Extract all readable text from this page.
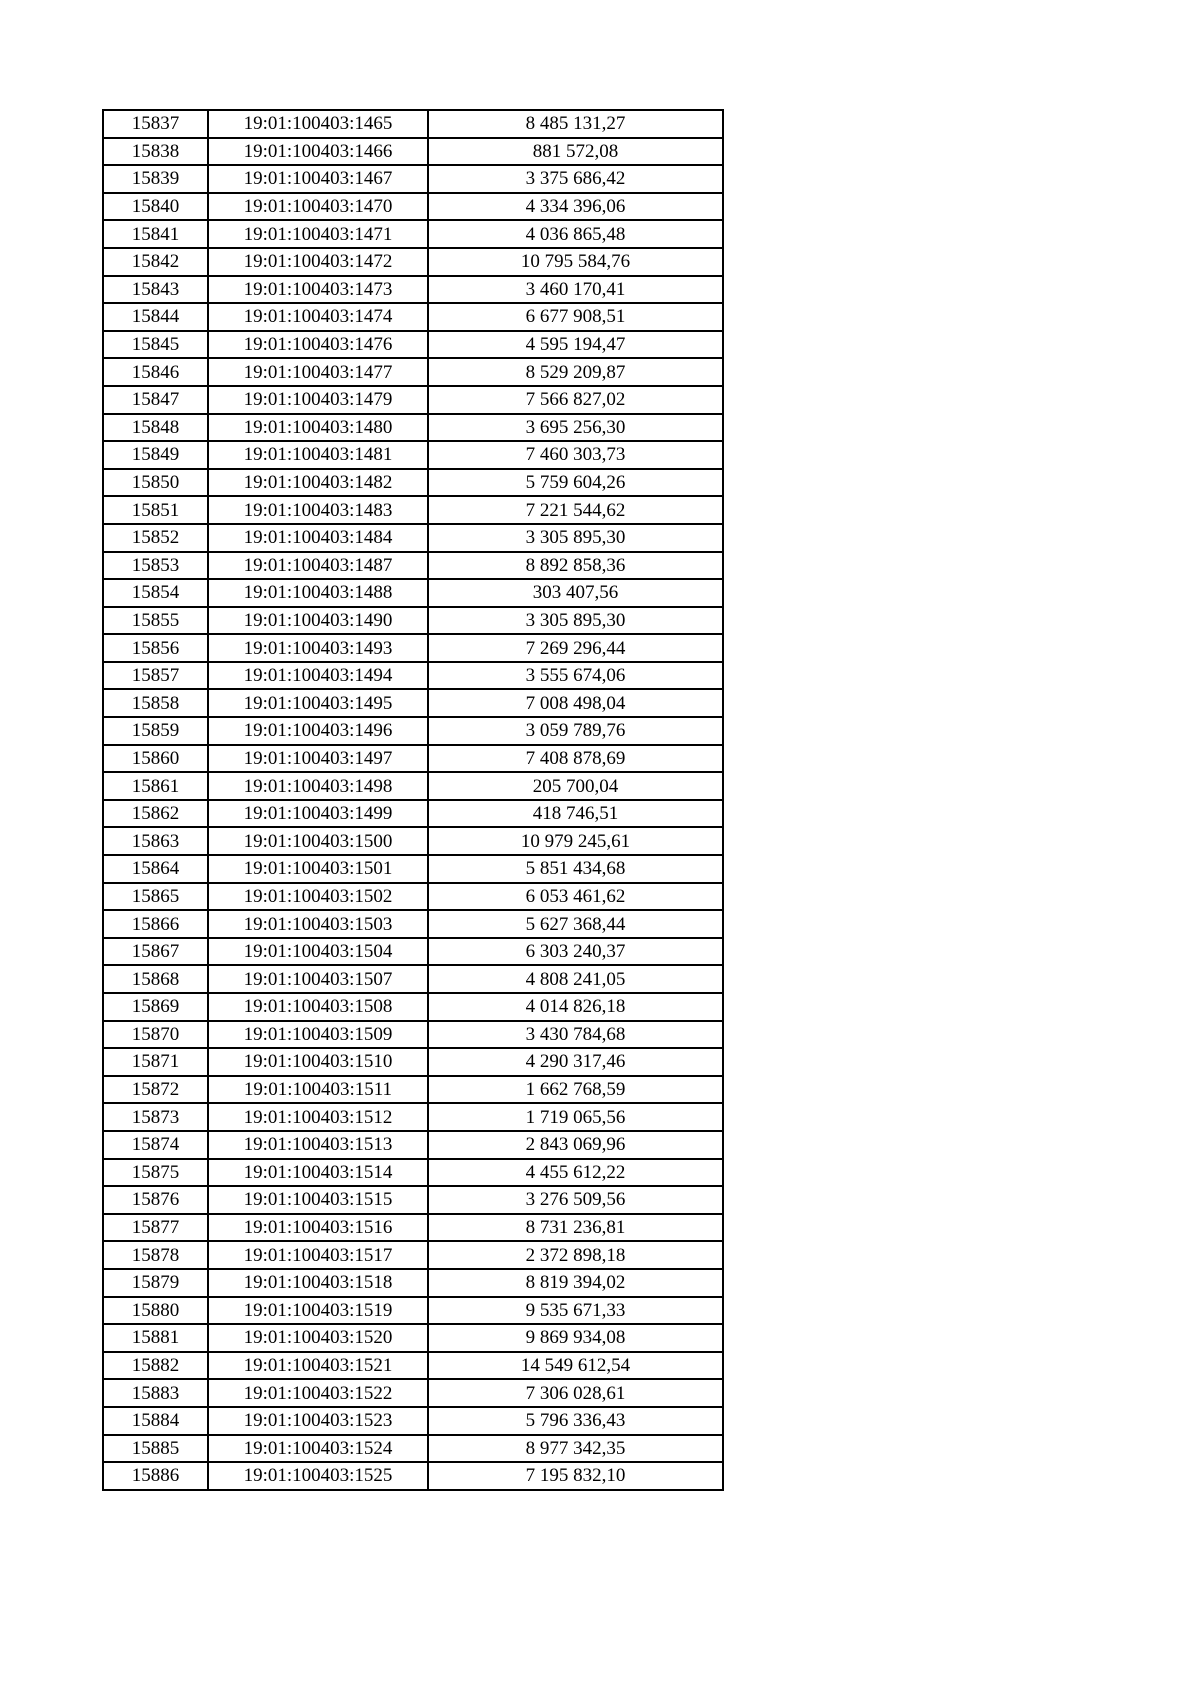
15837	19:01:100403:1465	8 485 131,27
15838	19:01:100403:1466	881 572,08
15839	19:01:100403:1467	3 375 686,42
15840	19:01:100403:1470	4 334 396,06
15841	19:01:100403:1471	4 036 865,48
15842	19:01:100403:1472	10 795 584,76
15843	19:01:100403:1473	3 460 170,41
15844	19:01:100403:1474	6 677 908,51
15845	19:01:100403:1476	4 595 194,47
15846	19:01:100403:1477	8 529 209,87
15847	19:01:100403:1479	7 566 827,02
15848	19:01:100403:1480	3 695 256,30
15849	19:01:100403:1481	7 460 303,73
15850	19:01:100403:1482	5 759 604,26
15851	19:01:100403:1483	7 221 544,62
15852	19:01:100403:1484	3 305 895,30
15853	19:01:100403:1487	8 892 858,36
15854	19:01:100403:1488	303 407,56
15855	19:01:100403:1490	3 305 895,30
15856	19:01:100403:1493	7 269 296,44
15857	19:01:100403:1494	3 555 674,06
15858	19:01:100403:1495	7 008 498,04
15859	19:01:100403:1496	3 059 789,76
15860	19:01:100403:1497	7 408 878,69
15861	19:01:100403:1498	205 700,04
15862	19:01:100403:1499	418 746,51
15863	19:01:100403:1500	10 979 245,61
15864	19:01:100403:1501	5 851 434,68
15865	19:01:100403:1502	6 053 461,62
15866	19:01:100403:1503	5 627 368,44
15867	19:01:100403:1504	6 303 240,37
15868	19:01:100403:1507	4 808 241,05
15869	19:01:100403:1508	4 014 826,18
15870	19:01:100403:1509	3 430 784,68
15871	19:01:100403:1510	4 290 317,46
15872	19:01:100403:1511	1 662 768,59
15873	19:01:100403:1512	1 719 065,56
15874	19:01:100403:1513	2 843 069,96
15875	19:01:100403:1514	4 455 612,22
15876	19:01:100403:1515	3 276 509,56
15877	19:01:100403:1516	8 731 236,81
15878	19:01:100403:1517	2 372 898,18
15879	19:01:100403:1518	8 819 394,02
15880	19:01:100403:1519	9 535 671,33
15881	19:01:100403:1520	9 869 934,08
15882	19:01:100403:1521	14 549 612,54
15883	19:01:100403:1522	7 306 028,61
15884	19:01:100403:1523	5 796 336,43
15885	19:01:100403:1524	8 977 342,35
15886	19:01:100403:1525	7 195 832,10
